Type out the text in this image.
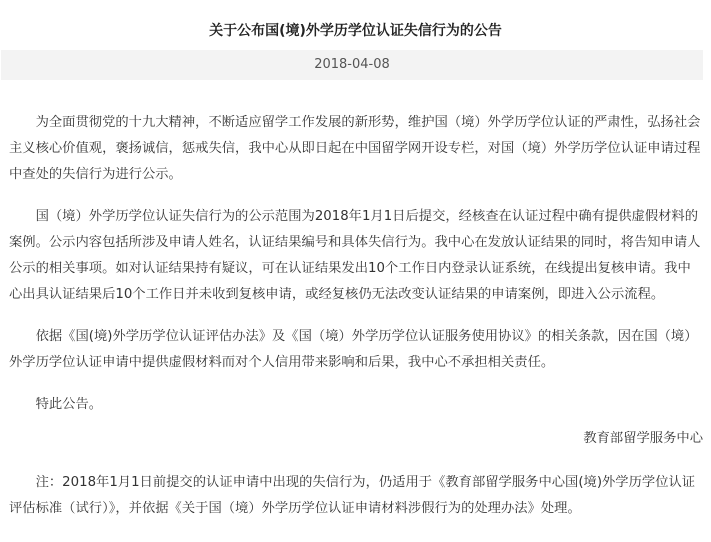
关于公布国(境)外学历学位认证失信行为的公告
2018-04-08

为全面贯彻党的十九大精神，不断适应留学工作发展的新形势，维护国（境）外学历学位认证的严肃性，弘扬社会主义核心价值观，褒扬诚信，惩戒失信，我中心从即日起在中国留学网开设专栏，对国（境）外学历学位认证申请过程中查处的失信行为进行公示。

国（境）外学历学位认证失信行为的公示范围为2018年1月1日后提交，经核查在认证过程中确有提供虚假材料的案例。公示内容包括所涉及申请人姓名，认证结果编号和具体失信行为。我中心在发放认证结果的同时，将告知申请人公示的相关事项。如对认证结果持有疑议，可在认证结果发出10个工作日内登录认证系统，在线提出复核申请。我中心出具认证结果后10个工作日并未收到复核申请，或经复核仍无法改变认证结果的申请案例，即进入公示流程。

依据《国(境)外学历学位认证评估办法》及《国（境）外学历学位认证服务使用协议》的相关条款，因在国（境）外学历学位认证申请中提供虚假材料而对个人信用带来影响和后果，我中心不承担相关责任。

特此公告。

教育部留学服务中心

注：2018年1月1日前提交的认证申请中出现的失信行为，仍适用于《教育部留学服务中心国(境)外学历学位认证评估标准（试行）》，并依据《关于国（境）外学历学位认证申请材料涉假行为的处理办法》处理。
